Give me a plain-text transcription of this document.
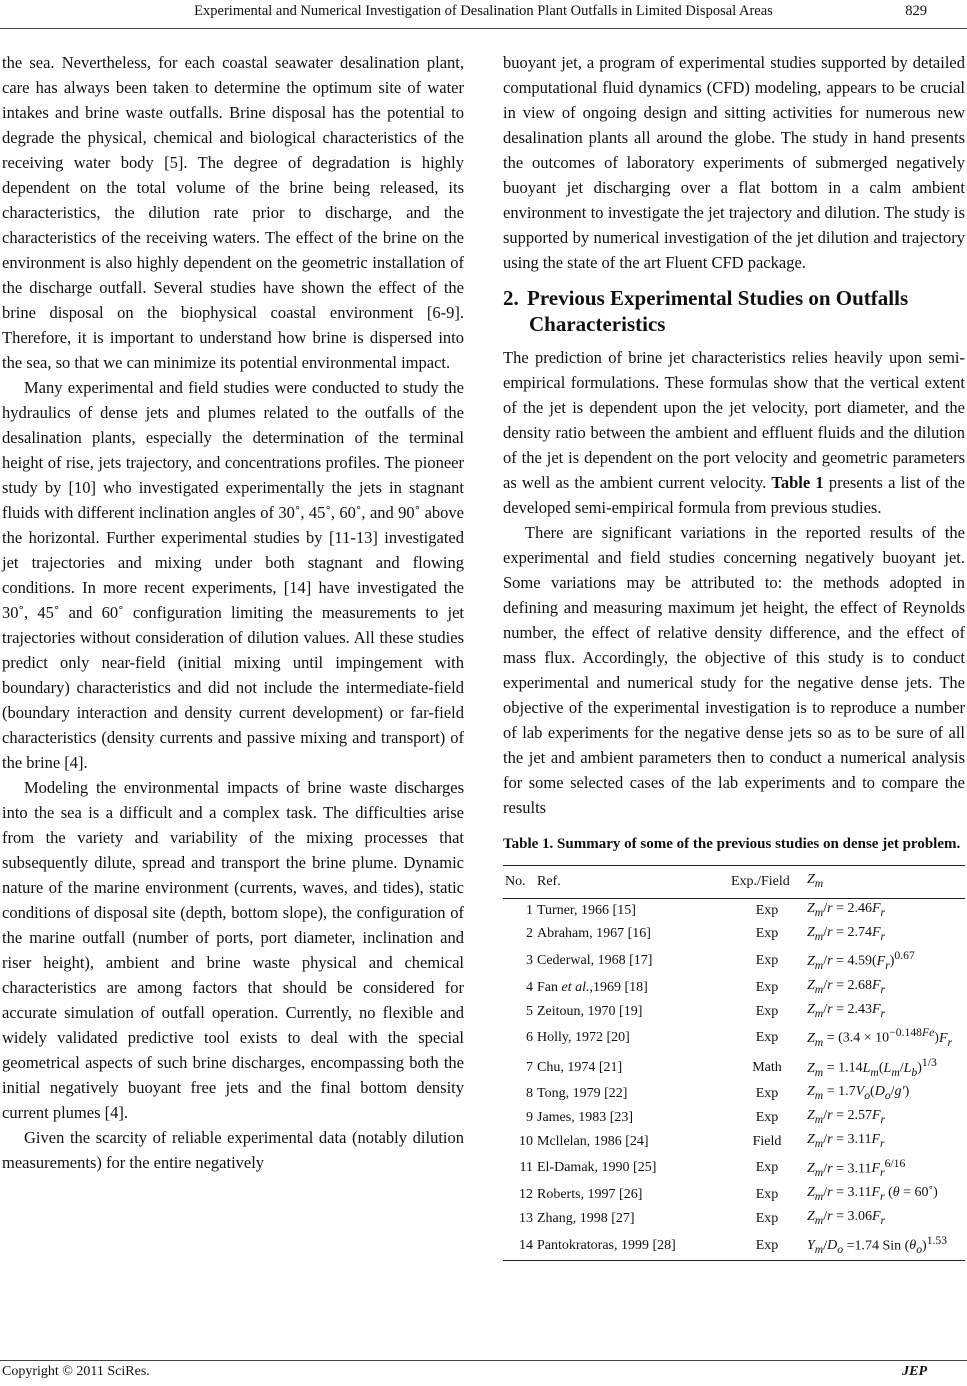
Experimental and Numerical Investigation of Desalination Plant Outfalls in Limited Disposal Areas	829

the sea. Nevertheless, for each coastal seawater desalination plant, care has always been taken to determine the optimum site of water intakes and brine waste outfalls. Brine disposal has the potential to degrade the physical, chemical and biological characteristics of the receiving water body [5]. The degree of degradation is highly dependent on the total volume of the brine being released, its characteristics, the dilution rate prior to discharge, and the characteristics of the receiving waters. The effect of the brine on the environment is also highly dependent on the geometric installation of the discharge outfall. Several studies have shown the effect of the brine disposal on the biophysical coastal environment [6-9]. Therefore, it is important to understand how brine is dispersed into the sea, so that we can minimize its potential environmental impact.

Many experimental and field studies were conducted to study the hydraulics of dense jets and plumes related to the outfalls of the desalination plants, especially the determination of the terminal height of rise, jets trajectory, and concentrations profiles. The pioneer study by [10] who investigated experimentally the jets in stagnant fluids with different inclination angles of 30˚, 45˚, 60˚, and 90˚ above the horizontal. Further experimental studies by [11-13] investigated jet trajectories and mixing under both stagnant and flowing conditions. In more recent experiments, [14] have investigated the 30˚, 45˚ and 60˚ configuration limiting the measurements to jet trajectories without consideration of dilution values. All these studies predict only near-field (initial mixing until impingement with boundary) characteristics and did not include the intermediate-field (boundary interaction and density current development) or far-field characteristics (density currents and passive mixing and transport) of the brine [4].

Modeling the environmental impacts of brine waste discharges into the sea is a difficult and a complex task. The difficulties arise from the variety and variability of the mixing processes that subsequently dilute, spread and transport the brine plume. Dynamic nature of the marine environment (currents, waves, and tides), static conditions of disposal site (depth, bottom slope), the configuration of the marine outfall (number of ports, port diameter, inclination and riser height), ambient and brine waste physical and chemical characteristics are among factors that should be considered for accurate simulation of outfall operation. Currently, no flexible and widely validated predictive tool exists to deal with the special geometrical aspects of such brine discharges, encompassing both the initial negatively buoyant free jets and the final bottom density current plumes [4].

Given the scarcity of reliable experimental data (notably dilution measurements) for the entire negatively

buoyant jet, a program of experimental studies supported by detailed computational fluid dynamics (CFD) modeling, appears to be crucial in view of ongoing design and sitting activities for numerous new desalination plants all around the globe. The study in hand presents the outcomes of laboratory experiments of submerged negatively buoyant jet discharging over a flat bottom in a calm ambient environment to investigate the jet trajectory and dilution. The study is supported by numerical investigation of the jet dilution and trajectory using the state of the art Fluent CFD package.

2. Previous Experimental Studies on Outfalls
Characteristics

The prediction of brine jet characteristics relies heavily upon semi-empirical formulations. These formulas show that the vertical extent of the jet is dependent upon the jet velocity, port diameter, and the density ratio between the ambient and effluent fluids and the dilution of the jet is dependent on the port velocity and geometric parameters as well as the ambient current velocity. Table 1 presents a list of the developed semi-empirical formula from previous studies.

There are significant variations in the reported results of the experimental and field studies concerning negatively buoyant jet. Some variations may be attributed to: the methods adopted in defining and measuring maximum jet height, the effect of Reynolds number, the effect of relative density difference, and the effect of mass flux. Accordingly, the objective of this study is to conduct experimental and numerical study for the negative dense jets. The objective of the experimental investigation is to reproduce a number of lab experiments for the negative dense jets so as to be sure of all the jet and ambient parameters then to conduct a numerical analysis for some selected cases of the lab experiments and to compare the results

Table 1. Summary of some of the previous studies on dense jet problem.
No.	Ref.	Exp./Field	$Z_m$
1	Turner, 1966 [15]	Exp	$Z_m/r = 2.46F_r$
2	Abraham, 1967 [16]	Exp	$Z_m/r = 2.74F_r$
3	Cederwal, 1968 [17]	Exp	$Z_m/r = 4.59(F_r)^{0.67}$
4	Fan et al.,1969 [18]	Exp	$Z_m/r = 2.68F_r$
5	Zeitoun, 1970 [19]	Exp	$Z_m/r = 2.43F_r$
6	Holly, 1972 [20]	Exp	$Z_m = (3.4 \times 10^{-0.148Fe})F_r$
7	Chu, 1974 [21]	Math	$Z_m = 1.14L_m(L_m/L_b)^{1/3}$
8	Tong, 1979 [22]	Exp	$Z_m = 1.7V_o(D_o/g')$
9	James, 1983 [23]	Exp	$Z_m/r = 2.57F_r$
10	Mcllelan, 1986 [24]	Field	$Z_m/r = 3.11F_r$
11	El-Damak, 1990 [25]	Exp	$Z_m/r = 3.11F_r^{6/16}$
12	Roberts, 1997 [26]	Exp	$Z_m/r = 3.11F_r$ (θ = 60˚)
13	Zhang, 1998 [27]	Exp	$Z_m/r = 3.06F_r$
14	Pantokratoras, 1999 [28]	Exp	$Y_m/D_o =1.74$ Sin $(\theta_o)^{1.53}$
Copyright © 2011 SciRes.	JEP
